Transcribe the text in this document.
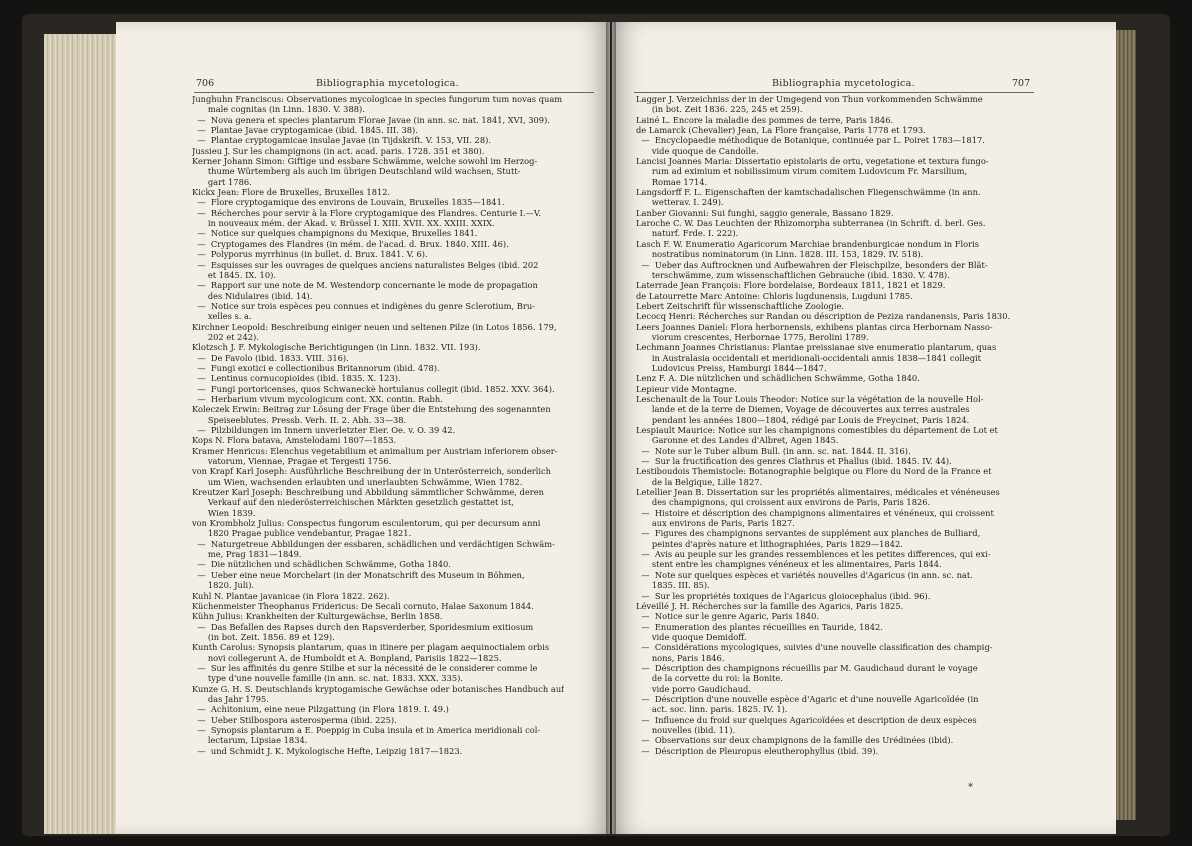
706	Bibliographia mycetologica.
Junghuhn Franciscus: Observationes mycologicae in species fungorum tum novas quam
male cognitas (in Linn. 1830. V. 388).
—  Nova genera et species plantarum Florae Javae (in ann. sc. nat. 1841, XVI, 309).
—  Plantae Javae cryptogamicae (ibid. 1845. III. 38).
—  Plantae cryptogamicae insulae Javae (in Tijdskrift. V. 153, VII. 28).
Jussieu J. Sur les champignons (in act. acad. paris. 1728. 351 et 380).
Kerner Johann Simon: Giftige und essbare Schwämme, welche sowohl im Herzog-
thume Würtemberg als auch im übrigen Deutschland wild wachsen, Stutt-
gart 1786.
Kickx Jean: Flore de Bruxelles, Bruxelles 1812.
—  Flore cryptogamique des environs de Louvain, Bruxelles 1835—1841.
—  Récherches pour servir à la Flore cryptogamique des Flandres. Centurie I.—V.
in nouveaux mém. der Akad. v. Brüssel I. XIII. XVII. XX. XXIII. XXIX.
—  Notice sur quelques champignons du Mexique, Bruxelles 1841.
—  Cryptogames des Flandres (in mém. de l'acad. d. Brux. 1840. XIII. 46).
—  Polyporus myrrhinus (in bullet. d. Brux. 1841. V. 6).
—  Esquisses sur les ouvrages de quelques anciens naturalistes Belges (ibid. 202
et 1845. IX. 10).
—  Rapport sur une note de M. Westendorp concernante le mode de propagation
des Nidulaires (ibid. 14).
—  Notice sur trois espèces peu connues et indigènes du genre Sclerotium, Bru-
xelles s. a.
Kirchner Leopold: Beschreibung einiger neuen und seltenen Pilze (in Lotos 1856. 179,
202 et 242).
Klotzsch J. F. Mykologische Berichtigungen (in Linn. 1832. VII. 193).
—  De Favolo (ibid. 1833. VIII. 316).
—  Fungi exotici e collectionibus Britannorum (ibid. 478).
—  Lentinus cornucopioides (ibid. 1835. X. 123).
—  Fungi portoricenses, quos Schwaneckè hortulanus collegit (ibid. 1852. XXV. 364).
—  Herbarium vivum mycologicum cont. XX. contin. Rabh.
Koleczek Erwin: Beitrag zur Lösung der Frage über die Entstehung des sogenannten
Speiseeblutes. Pressb. Verh. II. 2. Abh. 33—38.
—  Pilzbildungen im Innern unverletzter Eier. Oe. v. O. 39 42.
Kops N. Flora batava, Amstelodami 1807—1853.
Kramer Henricus: Elenchus vegetabilium et animalium per Austriam inferiorem obser-
vatorum, Viennae, Pragae et Tergesti 1756.
von Krapf Karl Joseph: Ausführliche Beschreibung der in Unterösterreich, sonderlich
um Wien, wachsenden erlaubten und unerlaubten Schwämme, Wien 1782.
Kreutzer Karl Joseph: Beschreibung und Abbildung sämmtlicher Schwämme, deren
Verkauf auf den niederösterreichischen Märkten gesetzlich gestattet ist,
Wien 1839.
von Krombholz Julius: Conspectus fungorum esculentorum, qui per decursum anni
1820 Pragae publice vendebantur, Pragae 1821.
—  Naturgetreue Abbildungen der essbaren, schädlichen und verdächtigen Schwäm-
me, Prag 1831—1849.
—  Die nützlichen und schädlichen Schwämme, Gotha 1840.
—  Ueber eine neue Morchelart (in der Monatschrift des Museum in Böhmen,
1820. Juli).
Kuhl N. Plantae javanicae (in Flora 1822. 262).
Küchenmeister Theophanus Fridericus: De Secali cornuto, Halae Saxonum 1844.
Kühn Julius: Krankheiten der Kulturgewächse, Berlin 1858.
—  Das Befallen des Rapses durch den Rapsverderber, Sporidesmium exitiosum
(in bot. Zeit. 1856. 89 et 129).
Kunth Carolus: Synopsis plantarum, quas in itinere per plagam aequinoctialem orbis
novi collegerunt A. de Humboldt et A. Bonpland, Parisiis 1822—1825.
—  Sur les affinités du genre Stilbe et sur la nécessité de le considerer comme le
type d'une nouvelle famille (in ann. sc. nat. 1833. XXX. 335).
Kunze G. H. S. Deutschlands kryptogamische Gewächse oder botanisches Handbuch auf
das Jahr 1795.
—  Achitonium, eine neue Pilzgattung (in Flora 1819. I. 49.)
—  Ueber Stilbospora asterosperma (ibid. 225).
—  Synopsis plantarum a E. Poeppig in Cuba insula et in America meridionali col-
lectarum, Lipsiae 1834.
—  und Schmidt J. K. Mykologische Hefte, Leipzig 1817—1823.
Bibliographia mycetologica.	707
Lagger J. Verzeichniss der in der Umgegend von Thun vorkommenden Schwämme
(in bot. Zeit 1836. 225, 245 et 259).
Lainé L. Encore la maladie des pommes de terre, Paris 1846.
de Lamarck (Chevalier) Jean, La Flore française, Paris 1778 et 1793.
—  Encyclopaedie méthodique de Botanique, continuée par L. Poiret 1783—1817.
vide quoque de Candolle.
Lancisi Joannes Maria: Dissertatio epistolaris de ortu, vegetatione et textura fungo-
rum ad eximium et nobilissimum virum comitem Ludovicum Fr. Marsilium,
Romae 1714.
Langsdorff F. L. Eigenschaften der kamtschadalischen Fliegenschwämme (in ann.
wetterav. I. 249).
Lanber Giovanni: Sui funghi, saggio generale, Bassano 1829.
Laroche C. W. Das Leuchten der Rhizomorpha subterranea (in Schrift. d. berl. Ges.
naturf. Frde. I. 222).
Lasch F. W. Enumeratio Agaricorum Marchiae brandenburgicae nondum in Floris
nostratibus nominatorum (in Linn. 1828. III. 153, 1829. IV. 518).
—  Ueber das Auftrocknen und Aufbewahren der Fleischpilze, besonders der Blät-
terschwämme, zum wissenschaftlichen Gebrauche (ibid. 1830. V. 478).
Laterrade Jean François: Flore bordelaise, Bordeaux 1811, 1821 et 1829.
de Latourrette Marc Antoine: Chloris lugdunensis, Lugduni 1785.
Lebert Zeitschrift für wissenschaftliche Zoologie.
Lecocq Henri: Récherches sur Randan ou déscription de Peziza randanensis, Paris 1830.
Leers Joannes Daniel: Flora herbornensis, exhibens plantas circa Herbornam Nasso-
viorum crescentes, Herbornae 1775, Berolini 1789.
Lechmann Joannes Christianus: Plantae preissianae sive enumeratio plantarum, quas
in Australasia occidentali et meridionali-occidentali annis 1838—1841 collegit
Ludovicus Preiss, Hamburgi 1844—1847.
Lenz F. A. Die nützlichen und schädlichen Schwämme, Gotha 1840.
Lepieur vide Montagne.
Leschenault de la Tour Louis Theodor: Notice sur la végétation de la nouvelle Hol-
lande et de la terre de Diemen, Voyage de découvertes aux terres australes
pendant les années 1800—1804, rédigé par Louis de Freycinet, Paris 1824.
Lespiault Maurice: Notice sur les champignons comestibles du département de Lot et
Garonne et des Landes d'Albret, Agen 1845.
—  Note sur le Tuber album Bull. (in ann. sc. nat. 1844. II. 316).
—  Sur la fructification des genres Clathrus et Phallus (ibid. 1845. IV. 44).
Lestiboudois Themistocle: Botanographie belgique ou Flore du Nord de la France et
de la Belgique, Lille 1827.
Letellier Jean B. Dissertation sur les propriétés alimentaires, médicales et vénéneuses
des champignons, qui croissent aux environs de Paris, Paris 1826.
—  Histoire et déscription des champignons alimentaires et vénéneux, qui croissent
aux environs de Paris, Paris 1827.
—  Figures des champignons servantes de supplément aux planches de Bulliard,
peintes d'après nature et lithographiées, Paris 1829—1842.
—  Avis au peuple sur les grandes ressemblences et les petites differences, qui exi-
stent entre les champignes vénéneux et les alimentaires, Paris 1844.
—  Note sur quelques espèces et variétés nouvelles d'Agaricus (in ann. sc. nat.
1835. III. 85).
—  Sur les propriétés toxiques de l'Agaricus gloiocephalus (ibid. 96).
Léveillé J. H. Récherches sur la famille des Agarics, Paris 1825.
—  Notice sur le genre Agaric, Paris 1840.
—  Enumeration des plantes récueillies en Tauride, 1842.
vide quoque Demidoff.
—  Considérations mycologiques, suivies d'une nouvelle classification des champig-
nons, Paris 1846.
—  Déscription des champignons récueillis par M. Gaudichaud durant le voyage
de la corvette du roi: la Bonite.
vide porro Gaudichaud.
—  Déscription d'une nouvelle espèce d'Agaric et d'une nouvelle Agaricoïdée (in
act. soc. linn. paris. 1825. IV. 1).
—  Influence du froid sur quelques Agaricoïdées et description de deux espèces
nouvelles (ibid. 11).
—  Observations sur deux champignons de la famille des Urédinées (ibid).
—  Déscription de Pleuropus eleutherophyllus (ibid. 39).
*
